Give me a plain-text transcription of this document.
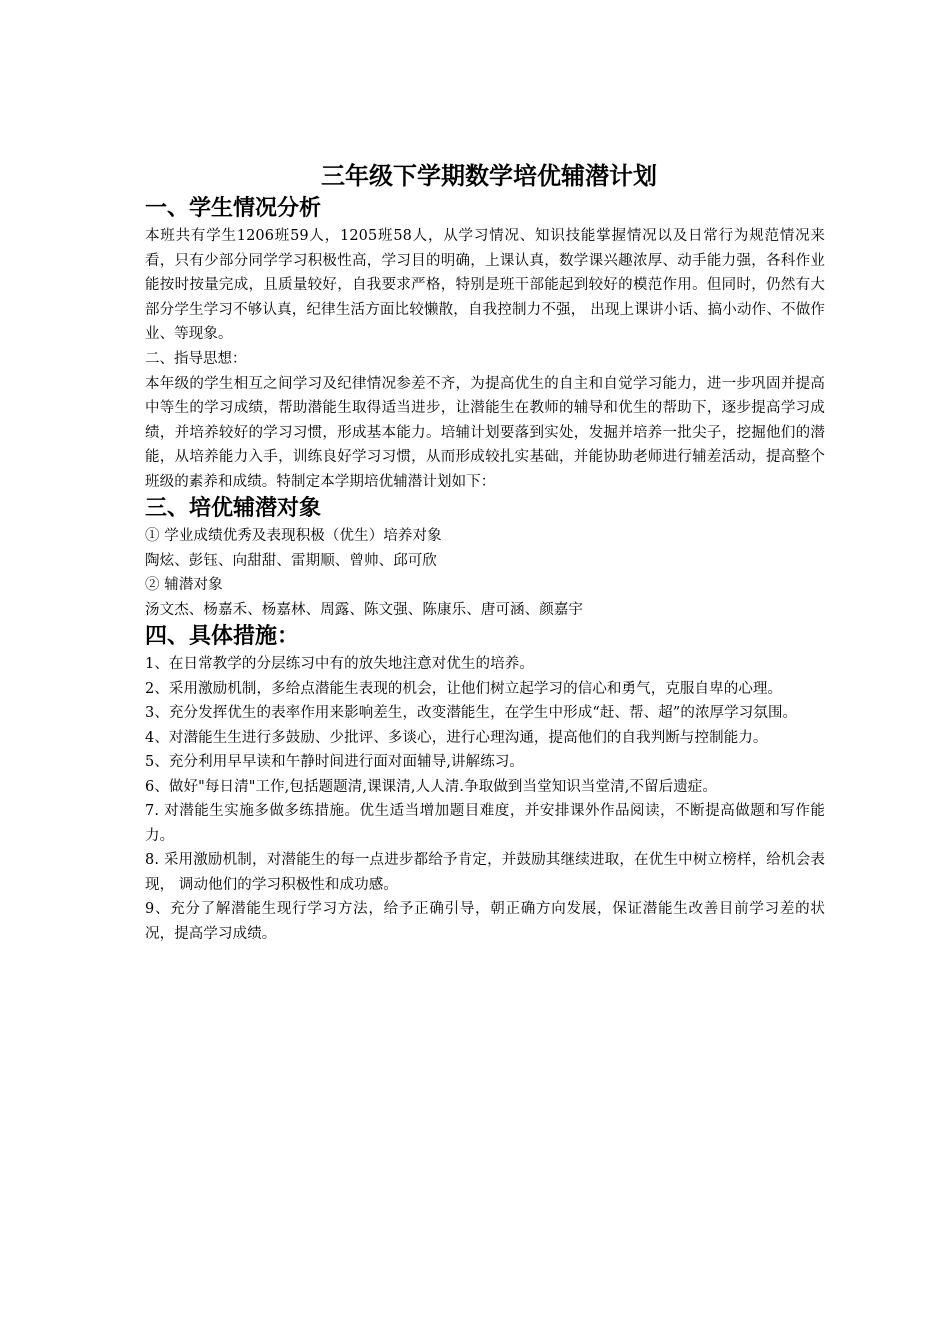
三年级下学期数学培优辅潜计划
一、学生情况分析
本班共有学生1206班59人，1205班58人，从学习情况、知识技能掌握情况以及日常行为规范情况来看，只有少部分同学学习积极性高，学习目的明确，上课认真，数学课兴趣浓厚、动手能力强，各科作业能按时按量完成，且质量较好，自我要求严格，特别是班干部能起到较好的模范作用。但同时，仍然有大部分学生学习不够认真，纪律生活方面比较懒散，自我控制力不强， 出现上课讲小话、搞小动作、不做作业、等现象。
二、指导思想：
本年级的学生相互之间学习及纪律情况参差不齐，为提高优生的自主和自觉学习能力，进一步巩固并提高中等生的学习成绩，帮助潜能生取得适当进步，让潜能生在教师的辅导和优生的帮助下，逐步提高学习成绩，并培养较好的学习习惯，形成基本能力。培辅计划要落到实处，发掘并培养一批尖子，挖掘他们的潜能，从培养能力入手，训练良好学习习惯，从而形成较扎实基础，并能协助老师进行辅差活动，提高整个班级的素养和成绩。特制定本学期培优辅潜计划如下：
三、培优辅潜对象
① 学业成绩优秀及表现积极（优生）培养对象
陶炫、彭钰、向甜甜、雷期顺、曾帅、邱可欣
② 辅潜对象
汤文杰、杨嘉禾、杨嘉林、周露、陈文强、陈康乐、唐可涵、颜嘉宇
四、具体措施：
1、在日常教学的分层练习中有的放失地注意对优生的培养。
2、采用激励机制，多给点潜能生表现的机会，让他们树立起学习的信心和勇气，克服自卑的心理。
3、充分发挥优生的表率作用来影响差生，改变潜能生，在学生中形成“赶、帮、超”的浓厚学习氛围。
4、对潜能生生进行多鼓励、少批评、多谈心，进行心理沟通，提高他们的自我判断与控制能力。
5、充分利用早早读和午静时间进行面对面辅导,讲解练习。
6、做好"每日清"工作,包括题题清,课课清,人人清.争取做到当堂知识当堂清,不留后遗症。
7. 对潜能生实施多做多练措施。优生适当增加题目难度，并安排课外作品阅读，不断提高做题和写作能力。
8. 采用激励机制，对潜能生的每一点进步都给予肯定，并鼓励其继续进取，在优生中树立榜样，给机会表现， 调动他们的学习积极性和成功感。
9、充分了解潜能生现行学习方法，给予正确引导，朝正确方向发展，保证潜能生改善目前学习差的状况，提高学习成绩。
